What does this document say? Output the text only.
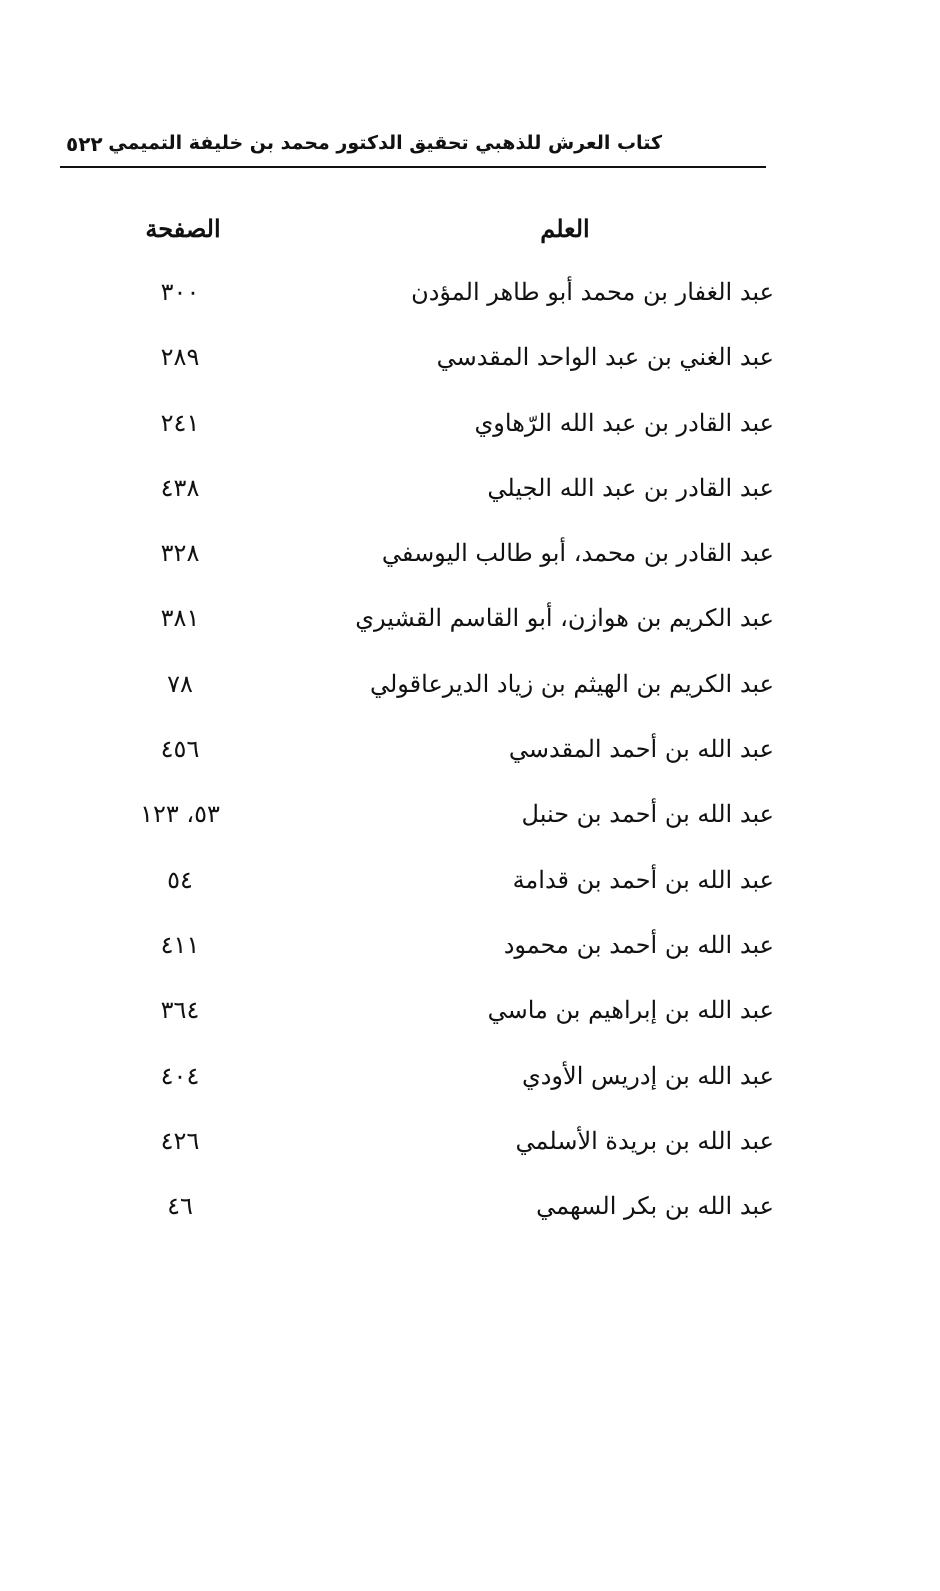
كتاب العرش للذهبي تحقيق الدكتور محمد بن خليفة التميمي
٥٢٢
العلم
الصفحة
عبد الغفار بن محمد أبو طاهر المؤدن
٣٠٠
عبد الغني بن عبد الواحد المقدسي
٢٨٩
عبد القادر بن عبد الله الرّهاوي
٢٤١
عبد القادر بن عبد الله الجيلي
٤٣٨
عبد القادر بن محمد، أبو طالب اليوسفي
٣٢٨
عبد الكريم بن هوازن، أبو القاسم القشيري
٣٨١
عبد الكريم بن الهيثم بن زياد الديرعاقولي
٧٨
عبد الله بن أحمد المقدسي
٤٥٦
عبد الله بن أحمد بن حنبل
٥٣، ١٢٣
عبد الله بن أحمد بن قدامة
٥٤
عبد الله بن أحمد بن محمود
٤١١
عبد الله بن إبراهيم بن ماسي
٣٦٤
عبد الله بن إدريس الأودي
٤٠٤
عبد الله بن بريدة الأسلمي
٤٢٦
عبد الله بن بكر السهمي
٤٦
